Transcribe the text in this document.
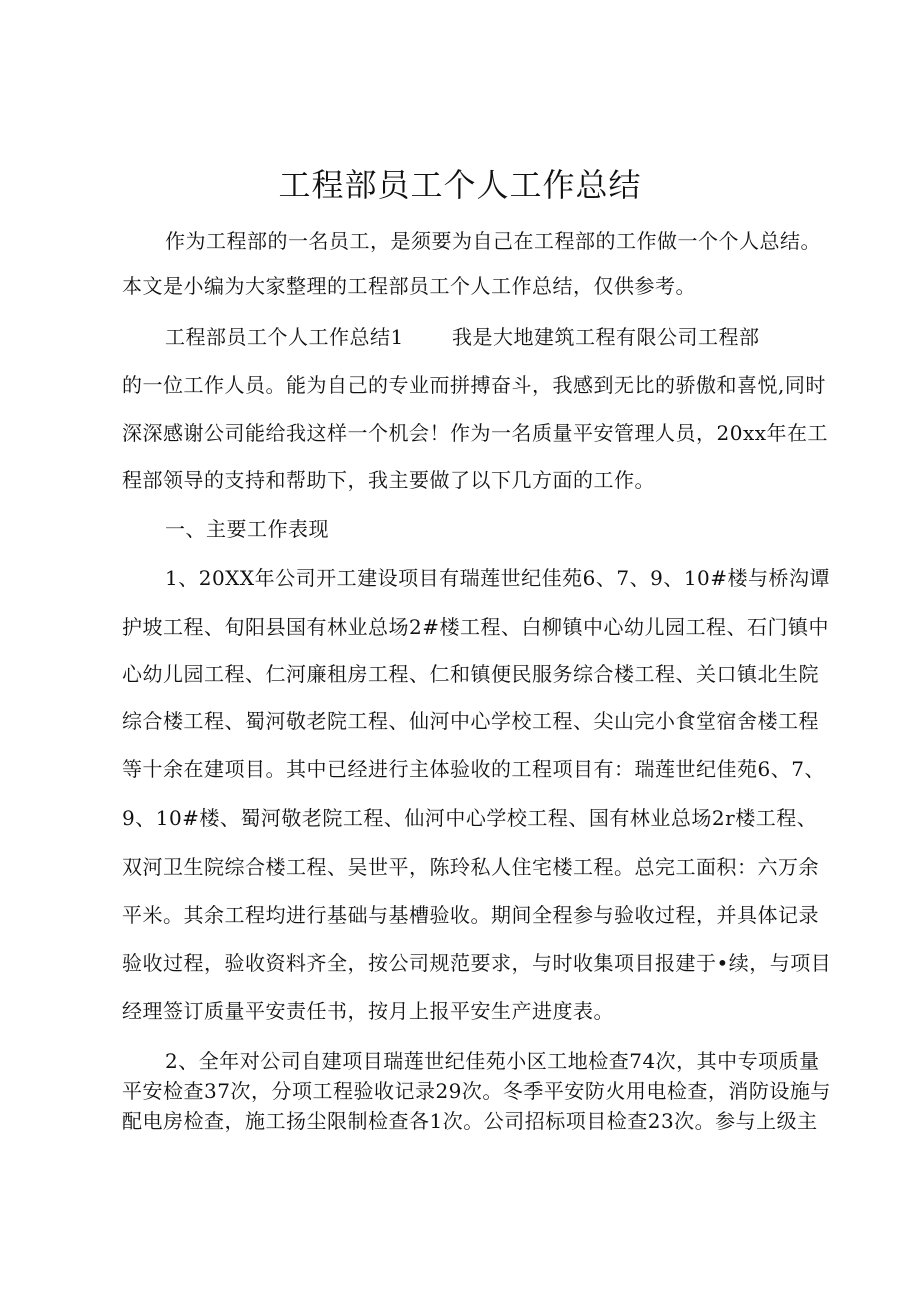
工程部员工个人工作总结
作为工程部的一名员工，是须要为自己在工程部的工作做一个个人总结。
本文是小编为大家整理的工程部员工个人工作总结，仅供参考。
工程部员工个人工作总结1 我是大地建筑工程有限公司工程部
的一位工作人员。能为自己的专业而拼搏奋斗，我感到无比的骄傲和喜悦,同时
深深感谢公司能给我这样一个机会！作为一名质量平安管理人员，20xx年在工
程部领导的支持和帮助下，我主要做了以下几方面的工作。
一、主要工作表现
1、20XX年公司开工建设项目有瑞莲世纪佳苑6、7、9、10#楼与桥沟谭
护坡工程、旬阳县国有林业总场2#楼工程、白柳镇中心幼儿园工程、石门镇中
心幼儿园工程、仁河廉租房工程、仁和镇便民服务综合楼工程、关口镇北生院
综合楼工程、蜀河敬老院工程、仙河中心学校工程、尖山完小食堂宿舍楼工程
等十余在建项目。其中已经进行主体验收的工程项目有：瑞莲世纪佳苑6、7、
9、10#楼、蜀河敬老院工程、仙河中心学校工程、国有林业总场2r楼工程、
双河卫生院综合楼工程、吴世平，陈玲私人住宅楼工程。总完工面积：六万余
平米。其余工程均进行基础与基槽验收。期间全程参与验收过程，并具体记录
验收过程，验收资料齐全，按公司规范要求，与时收集项目报建于•续，与项目
经理签订质量平安责任书，按月上报平安生产进度表。
2、全年对公司自建项目瑞莲世纪佳苑小区工地检查74次，其中专项质量
平安检查37次，分项工程验收记录29次。冬季平安防火用电检查，消防设施与
配电房检查，施工扬尘限制检查各1次。公司招标项目检查23次。参与上级主
